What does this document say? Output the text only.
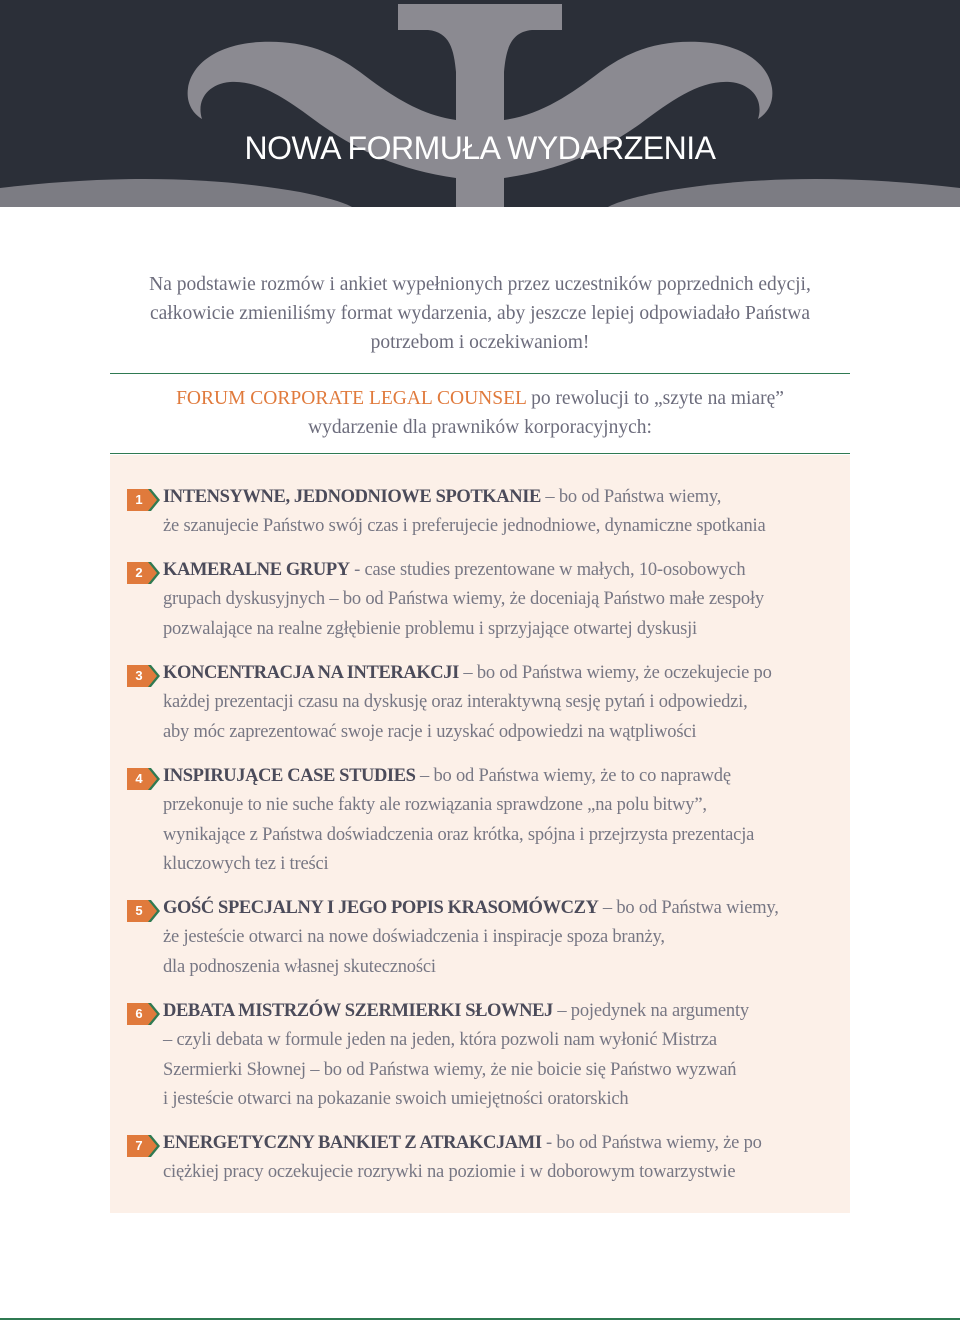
NOWA FORMUŁA WYDARZENIA

Na podstawie rozmów i ankiet wypełnionych przez uczestników poprzednich edycji,
całkowicie zmieniliśmy format wydarzenia, aby jeszcze lepiej odpowiadało Państwa
potrzebom i oczekiwaniom!

FORUM CORPORATE LEGAL COUNSEL po rewolucji to „szyte na miarę”
wydarzenie dla prawników korporacyjnych:

1	INTENSYWNE, JEDNODNIOWE SPOTKANIE – bo od Państwa wiemy,
że szanujecie Państwo swój czas i preferujecie jednodniowe, dynamiczne spotkania

2	KAMERALNE GRUPY - case studies prezentowane w małych, 10-osobowych
grupach dyskusyjnych – bo od Państwa wiemy, że doceniają Państwo małe zespoły
pozwalające na realne zgłębienie problemu i sprzyjające otwartej dyskusji

3	KONCENTRACJA NA INTERAKCJI – bo od Państwa wiemy, że oczekujecie po
każdej prezentacji czasu na dyskusję oraz interaktywną sesję pytań i odpowiedzi,
aby móc zaprezentować swoje racje i uzyskać odpowiedzi na wątpliwości

4	INSPIRUJĄCE CASE STUDIES – bo od Państwa wiemy, że to co naprawdę
przekonuje to nie suche fakty ale rozwiązania sprawdzone „na polu bitwy”,
wynikające z Państwa doświadczenia oraz krótka, spójna i przejrzysta prezentacja
kluczowych tez i treści

5	GOŚĆ SPECJALNY I JEGO POPIS KRASOMÓWCZY – bo od Państwa wiemy,
że jesteście otwarci na nowe doświadczenia i inspiracje spoza branży,
dla podnoszenia własnej skuteczności

6	DEBATA MISTRZÓW SZERMIERKI SŁOWNEJ – pojedynek na argumenty
– czyli debata w formule jeden na jeden, która pozwoli nam wyłonić Mistrza
Szermierki Słownej – bo od Państwa wiemy, że nie boicie się Państwo wyzwań
i jesteście otwarci na pokazanie swoich umiejętności oratorskich

7	ENERGETYCZNY BANKIET Z ATRAKCJAMI - bo od Państwa wiemy, że po
ciężkiej pracy oczekujecie rozrywki na poziomie i w doborowym towarzystwie
